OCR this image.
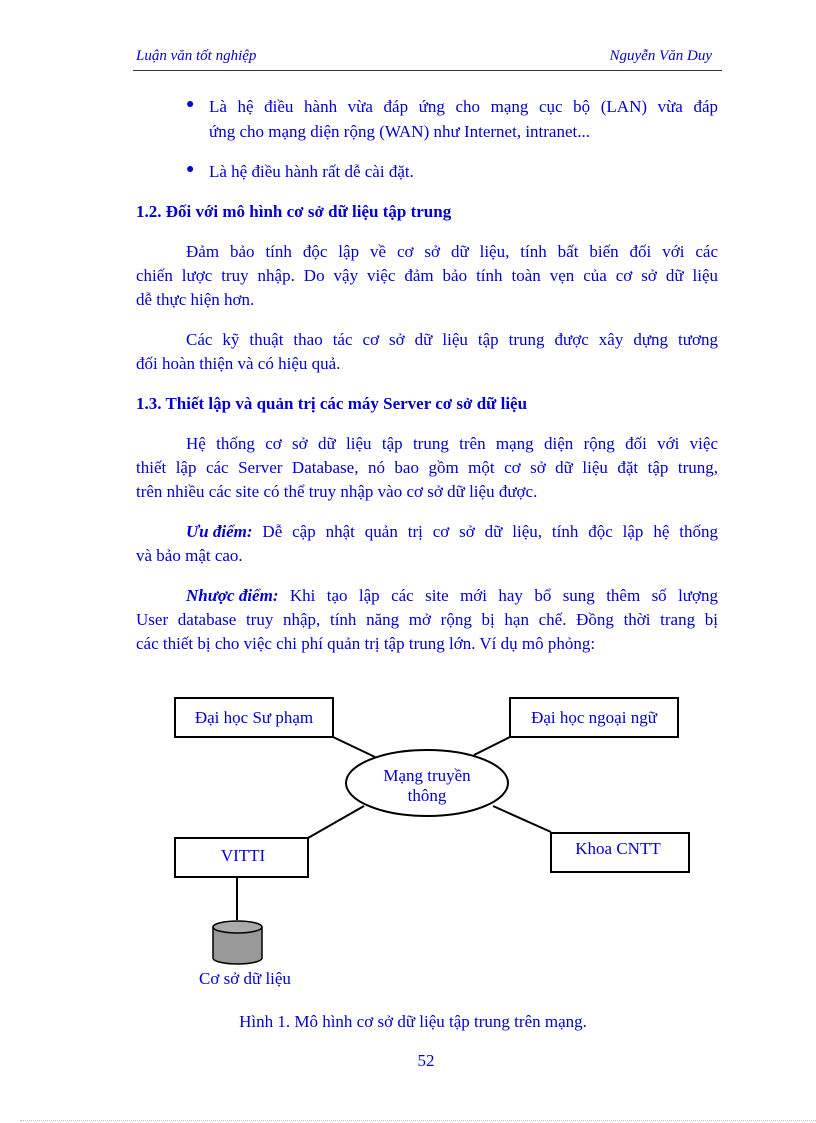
Luận văn tốt nghiệp	Nguyễn Văn Duy
● Là hệ điều hành vừa đáp ứng cho mạng cục bộ (LAN) vừa đáp
ứng cho mạng diện rộng (WAN) như Internet, intranet...
● Là hệ điều hành rất dễ cài đặt.
1.2. Đối với mô hình cơ sở dữ liệu tập trung
Đảm bảo tính độc lập về cơ sở dữ liệu, tính bất biến đối với các
chiến lược truy nhập. Do vậy việc đảm bảo tính toàn vẹn của cơ sở dữ liệu
dễ thực hiện hơn.
Các kỹ thuật thao tác cơ sở dữ liệu tập trung được xây dựng tương
đối hoàn thiện và có hiệu quả.
1.3. Thiết lập và quản trị các máy Server cơ sở dữ liệu
Hệ thống cơ sở dữ liệu tập trung trên mạng diện rộng đối với việc
thiết lập các Server Database, nó bao gồm một cơ sở dữ liệu đặt tập trung,
trên nhiều các site có thể truy nhập vào cơ sở dữ liệu được.
Ưu điểm: Dễ cập nhật quản trị cơ sở dữ liệu, tính độc lập hệ thống
và bảo mật cao.
Nhược điểm: Khi tạo lập các site mới hay bổ sung thêm số lượng
User database truy nhập, tính năng mở rộng bị hạn chế. Đồng thời trang bị
các thiết bị cho việc chi phí quản trị tập trung lớn. Ví dụ mô phỏng:
Đại học Sư phạm	Đại học ngoại ngữ
VITTI	Khoa CNTT
Mạng truyền
thông
Cơ sở dữ liệu
Hình 1. Mô hình cơ sở dữ liệu tập trung trên mạng.
52
